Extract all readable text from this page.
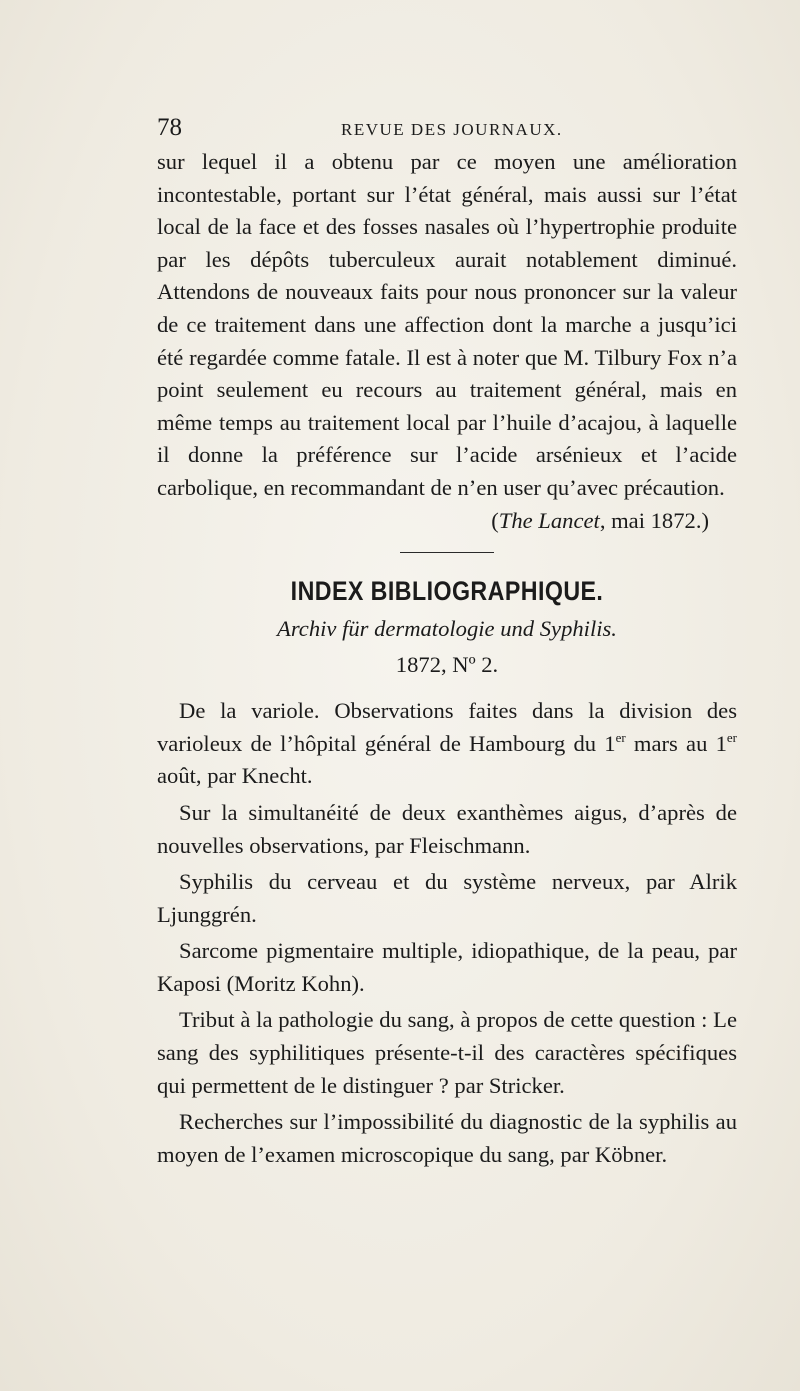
78	REVUE DES JOURNAUX.

sur lequel il a obtenu par ce moyen une amélioration incontestable, portant sur l’état général, mais aussi sur l’état local de la face et des fosses nasales où l’hypertrophie produite par les dépôts tuberculeux aurait notablement diminué. Attendons de nouveaux faits pour nous prononcer sur la valeur de ce traitement dans une affection dont la marche a jusqu’ici été regardée comme fatale. Il est à noter que M. Tilbury Fox n’a point seulement eu recours au traitement général, mais en même temps au traitement local par l’huile d’acajou, à laquelle il donne la préférence sur l’acide arsénieux et l’acide carbolique, en recommandant de n’en user qu’avec précaution.

(The Lancet, mai 1872.)

INDEX BIBLIOGRAPHIQUE.

Archiv für dermatologie und Syphilis.

1872, Nº 2.

De la variole. Observations faites dans la division des varioleux de l’hôpital général de Hambourg du 1er mars au 1er août, par Knecht.

Sur la simultanéité de deux exanthèmes aigus, d’après de nouvelles observations, par Fleischmann.

Syphilis du cerveau et du système nerveux, par Alrik Ljunggrén.

Sarcome pigmentaire multiple, idiopathique, de la peau, par Kaposi (Moritz Kohn).

Tribut à la pathologie du sang, à propos de cette question : Le sang des syphilitiques présente-t-il des caractères spécifiques qui permettent de le distinguer ? par Stricker.

Recherches sur l’impossibilité du diagnostic de la syphilis au moyen de l’examen microscopique du sang, par Köbner.
